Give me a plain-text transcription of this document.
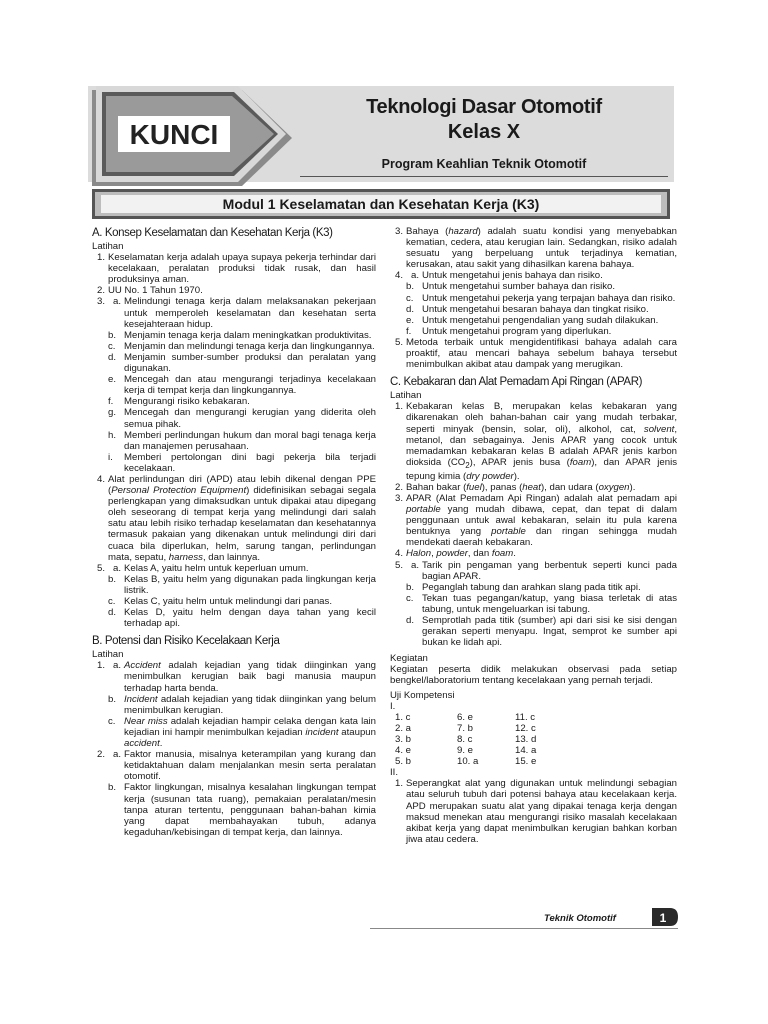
KUNCI
Teknologi Dasar Otomotif
Kelas X
Program Keahlian Teknik Otomotif
Modul 1 Keselamatan dan Kesehatan Kerja (K3)
A. Konsep Keselamatan dan Kesehatan Kerja (K3)
Latihan
1. Keselamatan kerja adalah upaya supaya pekerja terhindar dari kecelakaan, peralatan produksi tidak rusak, dan hasil produksinya aman.
2. UU No. 1 Tahun 1970.
3. a. Melindungi tenaga kerja dalam melaksanakan pekerjaan untuk memperoleh keselamatan dan kesehatan serta kesejahteraan hidup.
b. Menjamin tenaga kerja dalam meningkatkan produktivitas.
c. Menjamin dan melindungi tenaga kerja dan lingkungannya.
d. Menjamin sumber-sumber produksi dan peralatan yang digunakan.
e. Mencegah dan atau mengurangi terjadinya kecelakaan kerja di tempat kerja dan lingkungannya.
f.	Mengurangi risiko kebakaran.
g. Mencegah dan mengurangi kerugian yang diderita oleh semua pihak.
h. Memberi perlindungan hukum dan moral bagi tenaga kerja dan manajemen perusahaan.
i.	Memberi pertolongan dini bagi pekerja bila terjadi kecelakaan.
4. Alat perlindungan diri (APD) atau lebih dikenal dengan PPE (Personal Protection Equipment) didefinisikan sebagai segala perlengkapan yang dimaksudkan untuk dipakai atau dipegang oleh seseorang di tempat kerja yang melindungi dari salah satu atau lebih risiko terhadap keselamatan dan kesehatannya termasuk pakaian yang dikenakan untuk melindungi diri dari cuaca bila diperlukan, helm, sarung tangan, perlindungan mata, sepatu, harness, dan lainnya.
5. a. Kelas A, yaitu helm untuk keperluan umum.
b. Kelas B, yaitu helm yang digunakan pada lingkungan kerja listrik.
c. Kelas C, yaitu helm untuk melindungi dari panas.
d. Kelas D, yaitu helm dengan daya tahan yang kecil terhadap api.
B. Potensi dan Risiko Kecelakaan Kerja
Latihan
1. a. Accident adalah kejadian yang tidak diinginkan yang menimbulkan kerugian baik bagi manusia maupun terhadap harta benda.
b. Incident adalah kejadian yang tidak diinginkan yang belum menimbulkan kerugian.
c. Near miss adalah kejadian hampir celaka dengan kata lain kejadian ini hampir menimbulkan kejadian incident ataupun accident.
2. a. Faktor manusia, misalnya keterampilan yang kurang dan ketidaktahuan dalam menjalankan mesin serta peralatan otomotif.
b. Faktor lingkungan, misalnya kesalahan lingkungan tempat kerja (susunan tata ruang), pemakaian peralatan/mesin tanpa aturan tertentu, penggunaan bahan-bahan kimia yang dapat membahayakan tubuh, adanya kegaduhan/kebisingan di tempat kerja, dan lainnya.
3. Bahaya (hazard) adalah suatu kondisi yang menyebabkan kematian, cedera, atau kerugian lain. Sedangkan, risiko adalah sesuatu yang berpeluang untuk terjadinya kematian, kerusakan, atau sakit yang dihasilkan karena bahaya.
4. a. Untuk mengetahui jenis bahaya dan risiko.
b. Untuk mengetahui sumber bahaya dan risiko.
c. Untuk mengetahui pekerja yang terpajan bahaya dan risiko.
d. Untuk mengetahui besaran bahaya dan tingkat risiko.
e. Untuk mengetahui pengendalian yang sudah dilakukan.
f.	Untuk mengetahui program yang diperlukan.
5. Metoda terbaik untuk mengidentifikasi bahaya adalah cara proaktif, atau mencari bahaya sebelum bahaya tersebut menimbulkan akibat atau dampak yang merugikan.
C. Kebakaran dan Alat Pemadam Api Ringan (APAR)
Latihan
1. Kebakaran kelas B, merupakan kelas kebakaran yang dikarenakan oleh bahan-bahan cair yang mudah terbakar, seperti minyak (bensin, solar, oli), alkohol, cat, solvent, metanol, dan sebagainya. Jenis APAR yang cocok untuk memadamkan kebakaran kelas B adalah APAR jenis karbon dioksida $(CO_2)$, APAR jenis busa (foam), dan APAR jenis tepung kimia (dry powder).
2. Bahan bakar (fuel), panas (heat), dan udara (oxygen).
3. APAR (Alat Pemadam Api Ringan) adalah alat pemadam api portable yang mudah dibawa, cepat, dan tepat di dalam penggunaan untuk awal kebakaran, selain itu pula karena bentuknya yang portable dan ringan sehingga mudah mendekati daerah kebakaran.
4. Halon, powder, dan foam.
5. a. Tarik pin pengaman yang berbentuk seperti kunci pada bagian APAR.
b. Peganglah tabung dan arahkan slang pada titik api.
c. Tekan tuas pegangan/katup, yang biasa terletak di atas tabung, untuk mengeluarkan isi tabung.
d. Semprotlah pada titik (sumber) api dari sisi ke sisi dengan gerakan seperti menyapu. Ingat, semprot ke sumber api bukan ke lidah api.
Kegiatan
Kegiatan peserta didik melakukan observasi pada setiap bengkel/laboratorium tentang kecelakaan yang pernah terjadi.
Uji Kompetensi
I.
1. c	6. e	11. c
2. a	7. b	12. c
3. b	8. c	13. d
4. e	9. e	14. a
5. b	10. a	15. e
II.
1. Seperangkat alat yang digunakan untuk melindungi sebagian atau seluruh tubuh dari potensi bahaya atau kecelakaan kerja. APD merupakan suatu alat yang dipakai tenaga kerja dengan maksud menekan atau mengurangi risiko masalah kecelakaan akibat kerja yang dapat menimbulkan kerugian bahkan korban jiwa atau cedera.
Teknik Otomotif	1
